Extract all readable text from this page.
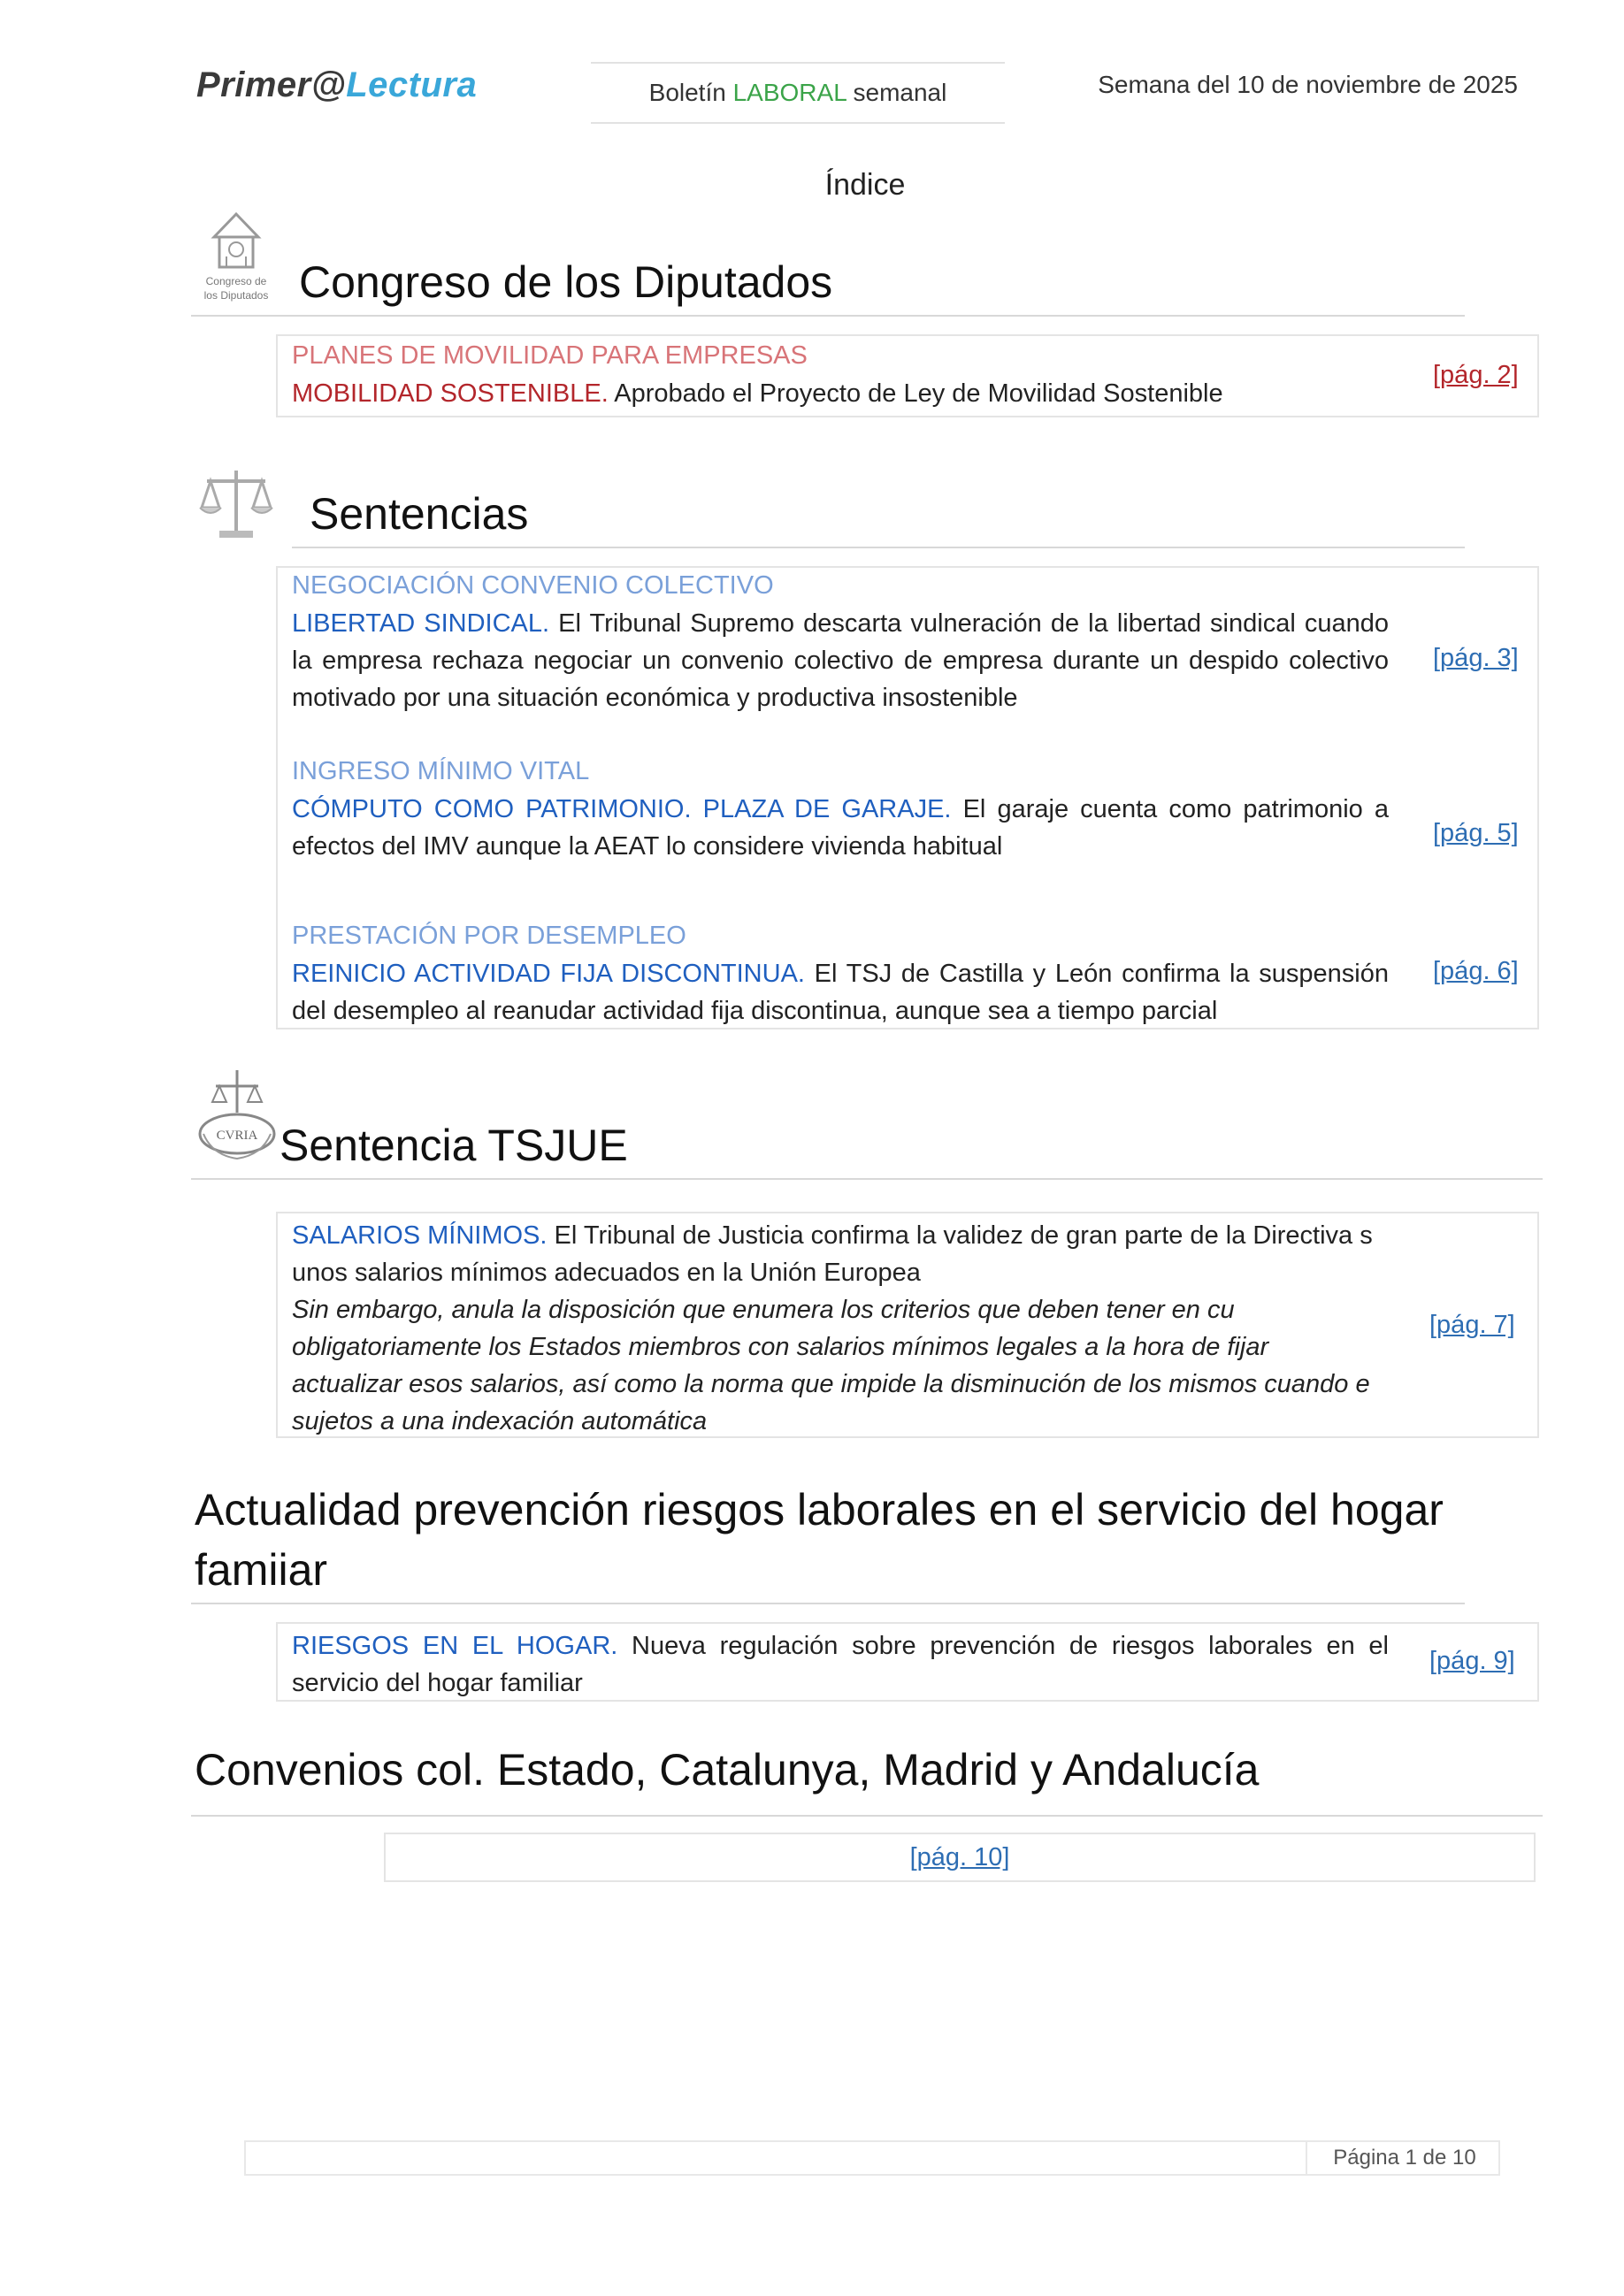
Primer@Lectura	Boletín LABORAL semanal	Semana del 10 de noviembre de 2025
Índice
Congreso de
los Diputados Congreso de los Diputados
PLANES DE MOVILIDAD PARA EMPRESAS
MOBILIDAD SOSTENIBLE. Aprobado el Proyecto de Ley de Movilidad Sostenible
[pág. 2]
Sentencias
NEGOCIACIÓN CONVENIO COLECTIVO
LIBERTAD SINDICAL. El Tribunal Supremo descarta vulneración de la libertad sindical cuando la empresa rechaza negociar un convenio colectivo de empresa durante un despido colectivo motivado por una situación económica y productiva insostenible
[pág. 3]
INGRESO MÍNIMO VITAL
CÓMPUTO COMO PATRIMONIO. PLAZA DE GARAJE. El garaje cuenta como patrimonio a efectos del IMV aunque la AEAT lo considere vivienda habitual	[pág. 5]
PRESTACIÓN POR DESEMPLEO
REINICIO ACTIVIDAD FIJA DISCONTINUA. El TSJ de Castilla y León confirma la suspensión del desempleo al reanudar actividad fija discontinua, aunque sea a tiempo parcial
[pág. 6]
CVRIA Sentencia TSJUE
SALARIOS MÍNIMOS. El Tribunal de Justicia confirma la validez de gran parte de la Directiva s
unos salarios mínimos adecuados en la Unión Europea
Sin embargo, anula la disposición que enumera los criterios que deben tener en cu
obligatoriamente los Estados miembros con salarios mínimos legales a la hora de fijar
actualizar esos salarios, así como la norma que impide la disminución de los mismos cuando e
sujetos a una indexación automática
[pág. 7]
Actualidad prevención riesgos laborales en el servicio del hogar
famiiar
RIESGOS EN EL HOGAR. Nueva regulación sobre prevención de riesgos laborales en el servicio del hogar familiar
[pág. 9]
Convenios col. Estado, Catalunya, Madrid y Andalucía
[pág. 10]
Página 1 de 10
